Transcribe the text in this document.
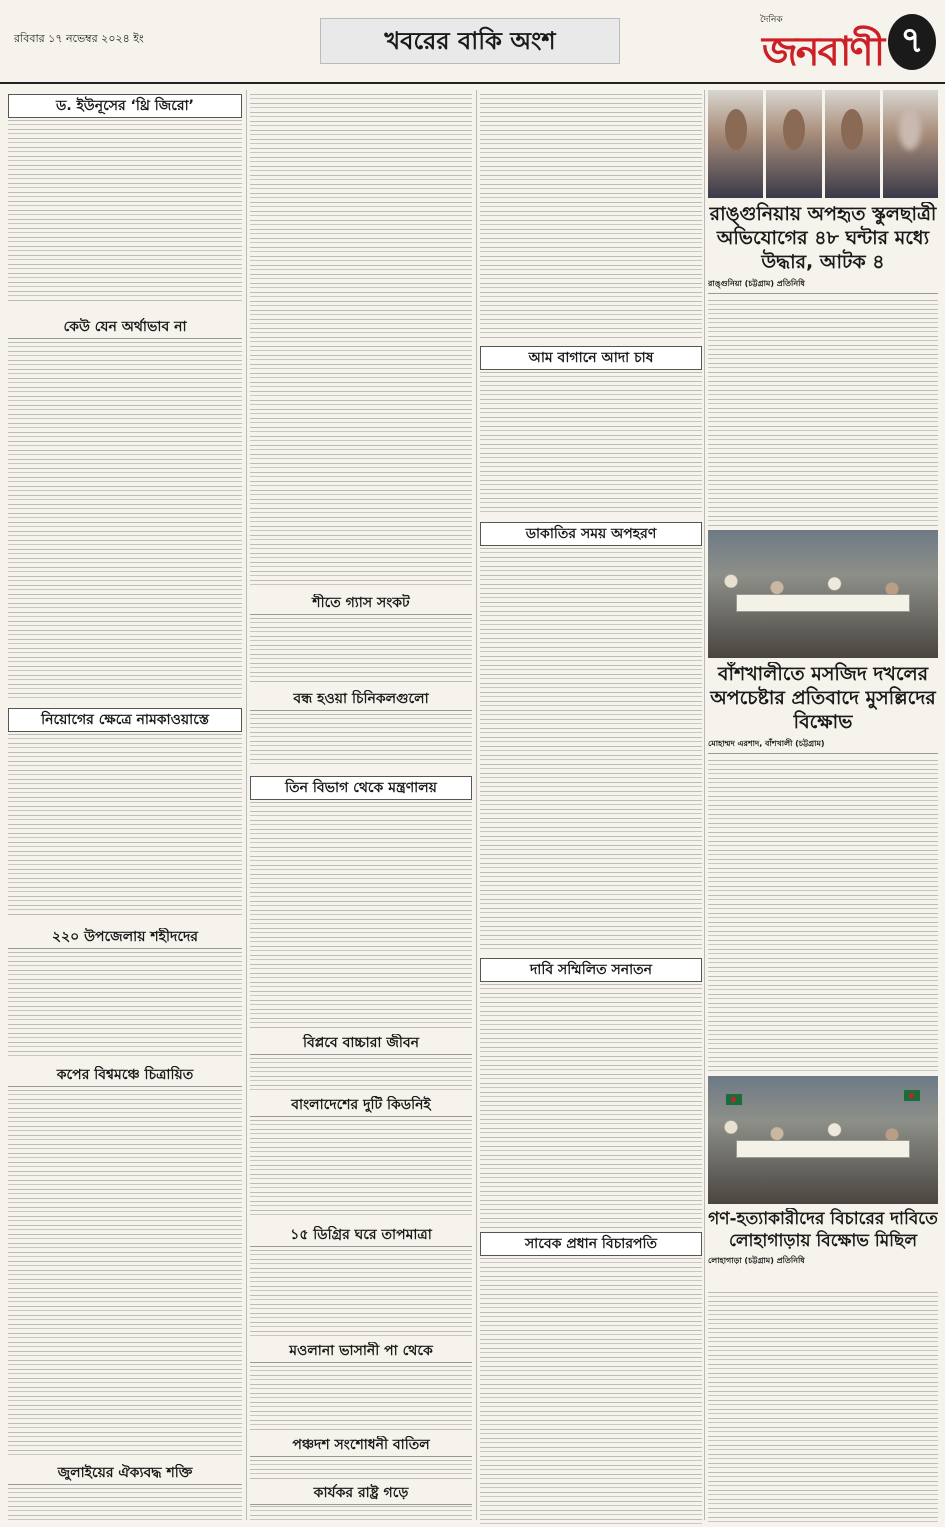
রবিবার ১৭ নভেম্বর ২০২৪ ইং	খবরের বাকি অংশ
দৈনিক
জনবাণী ৭
ড. ইউনূসের ‘থ্রি জিরো’
কেউ যেন অর্থাভাব না
নিয়োগের ক্ষেত্রে নামকাওয়াস্তে
২২০ উপজেলায় শহীদদের
কপের বিশ্বমঞ্চে চিত্রায়িত
জুলাইয়ের ঐক্যবদ্ধ শক্তি
শীতে গ্যাস সংকট
বন্ধ হওয়া চিনিকলগুলো
তিন বিভাগ থেকে মন্ত্রণালয়
বিপ্লবে বাচ্চারা জীবন
বাংলাদেশের দুটি কিডনিই
১৫ ডিগ্রির ঘরে তাপমাত্রা
মওলানা ভাসানী পা থেকে
পঞ্চদশ সংশোধনী বাতিল
কার্যকর রাষ্ট্র গড়ে
আম বাগানে আদা চাষ
ডাকাতির সময় অপহরণ
দাবি সম্মিলিত সনাতন
সাবেক প্রধান বিচারপতি
রাঙ্গুনিয়ায় অপহৃত স্কুলছাত্রী অভিযোগের ৪৮ ঘন্টার মধ্যে উদ্ধার, আটক ৪
রাঙ্গুনিয়া (চট্টগ্রাম) প্রতিনিধি
বাঁশখালীতে মসজিদ দখলের অপচেষ্টার প্রতিবাদে মুসল্লিদের বিক্ষোভ
মোহাম্মদ এরশাদ, বাঁশখালী (চট্টগ্রাম)
গণ-হত্যাকারীদের বিচারের দাবিতে লোহাগাড়ায় বিক্ষোভ মিছিল
লোহাগাড়া (চট্টগ্রাম) প্রতিনিধি
